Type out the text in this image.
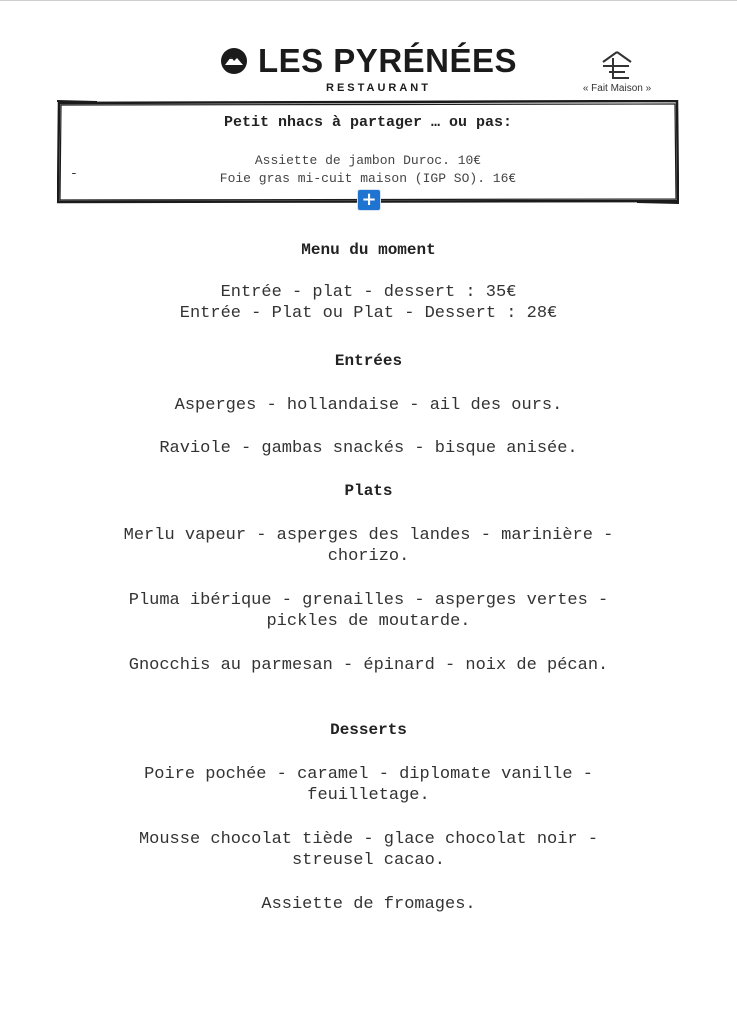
LES PYRÉNÉES
RESTAURANT	« Fait Maison »
Petit nhacs à partager … ou pas:
Assiette de jambon Duroc. 10€
Foie gras mi-cuit maison (IGP SO). 16€
-
+
Menu du moment
Entrée - plat - dessert : 35€
Entrée - Plat ou Plat - Dessert : 28€
Entrées
Asperges - hollandaise - ail des ours.
Raviole - gambas snackés - bisque anisée.
Plats
Merlu vapeur - asperges des landes - marinière -
chorizo.
Pluma ibérique - grenailles - asperges vertes -
pickles de moutarde.
Gnocchis au parmesan - épinard - noix de pécan.
Desserts
Poire pochée - caramel - diplomate vanille -
feuilletage.
Mousse chocolat tiède - glace chocolat noir -
streusel cacao.
Assiette de fromages.
